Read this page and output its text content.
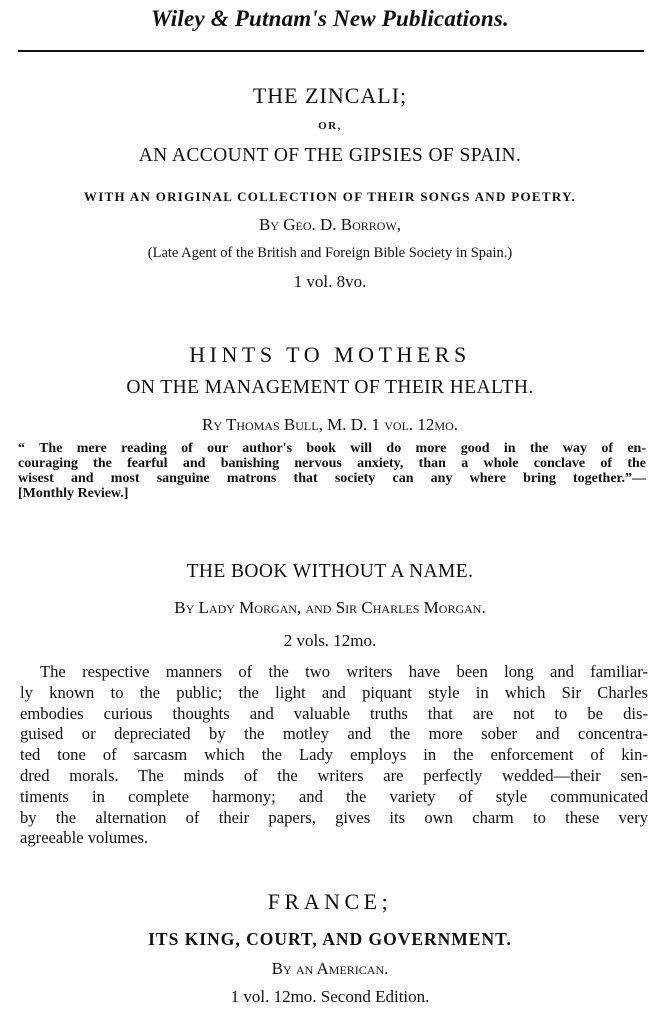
Wiley & Putnam's New Publications.
THE ZINCALI;
OR,
AN ACCOUNT OF THE GIPSIES OF SPAIN.
WITH AN ORIGINAL COLLECTION OF THEIR SONGS AND POETRY.
By Geo. D. Borrow,
(Late Agent of the British and Foreign Bible Society in Spain.)
1 vol. 8vo.
HINTS TO MOTHERS
ON THE MANAGEMENT OF THEIR HEALTH.
Ry Thomas Bull, M. D. 1 vol. 12mo.
“ The mere reading of our author's book will do more good in the way of en-
couraging the fearful and banishing nervous anxiety, than a whole conclave of the
wisest and most sanguine matrons that society can any where bring together.”—
[Monthly Review.]
THE BOOK WITHOUT A NAME.
By Lady Morgan, and Sir Charles Morgan.
2 vols. 12mo.
The respective manners of the two writers have been long and familiar-
ly known to the public; the light and piquant style in which Sir Charles
embodies curious thoughts and valuable truths that are not to be dis-
guised or depreciated by the motley and the more sober and concentra-
ted tone of sarcasm which the Lady employs in the enforcement of kin-
dred morals. The minds of the writers are perfectly wedded—their sen-
timents in complete harmony; and the variety of style communicated
by the alternation of their papers, gives its own charm to these very
agreeable volumes.
FRANCE;
ITS KING, COURT, AND GOVERNMENT.
By an American.
1 vol. 12mo. Second Edition.
